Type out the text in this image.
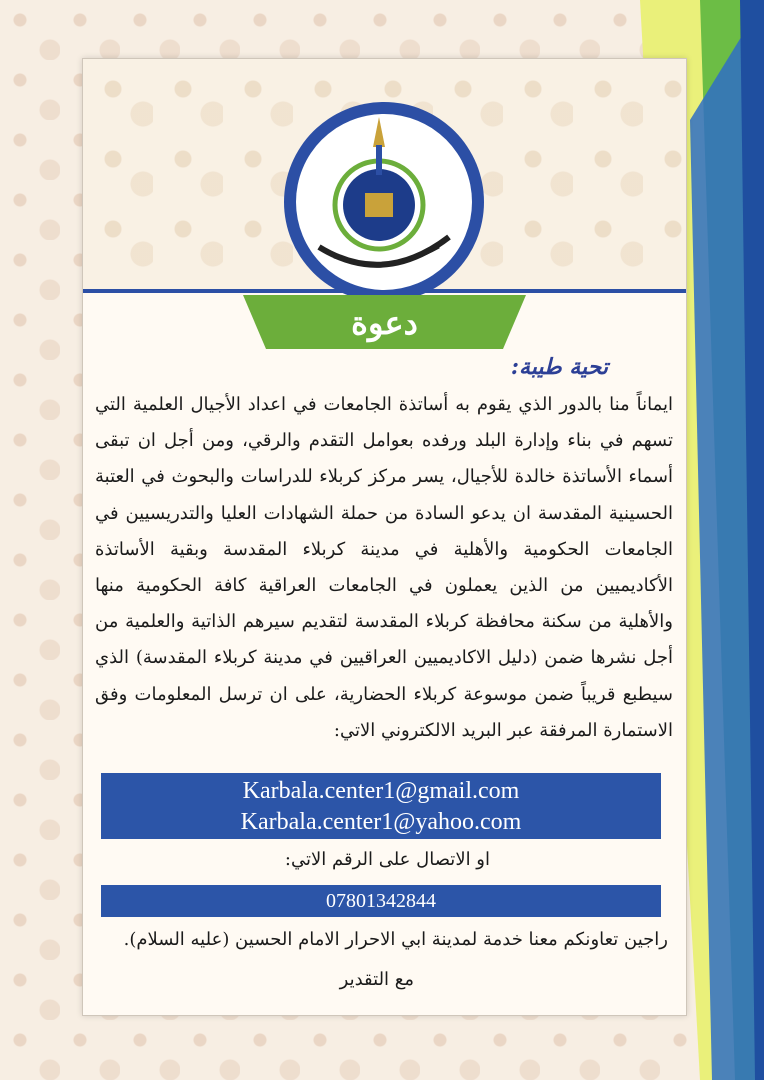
دعوة
تحية طيبة:
ايماناً منا بالدور الذي يقوم به أساتذة الجامعات في اعداد الأجيال العلمية التي تسهم في بناء وإدارة البلد ورفده بعوامل التقدم والرقي، ومن أجل ان تبقى أسماء الأساتذة خالدة للأجيال، يسر مركز كربلاء للدراسات والبحوث في العتبة الحسينية المقدسة ان يدعو السادة من حملة الشهادات العليا والتدريسيين في الجامعات الحكومية والأهلية في مدينة كربلاء المقدسة وبقية الأساتذة الأكاديميين من الذين يعملون في الجامعات العراقية كافة الحكومية منها والأهلية من سكنة محافظة كربلاء المقدسة لتقديم سيرهم الذاتية والعلمية من أجل نشرها ضمن (دليل الاكاديميين العراقيين في مدينة كربلاء المقدسة) الذي سيطبع قريباً ضمن موسوعة كربلاء الحضارية، على ان ترسل المعلومات وفق الاستمارة المرفقة عبر البريد الالكتروني الاتي:
Karbala.center1@gmail.com
Karbala.center1@yahoo.com
او الاتصال على الرقم الاتي:
07801342844
راجين تعاونكم معنا خدمة لمدينة ابي الاحرار الامام الحسين (عليه السلام).
مع التقدير
